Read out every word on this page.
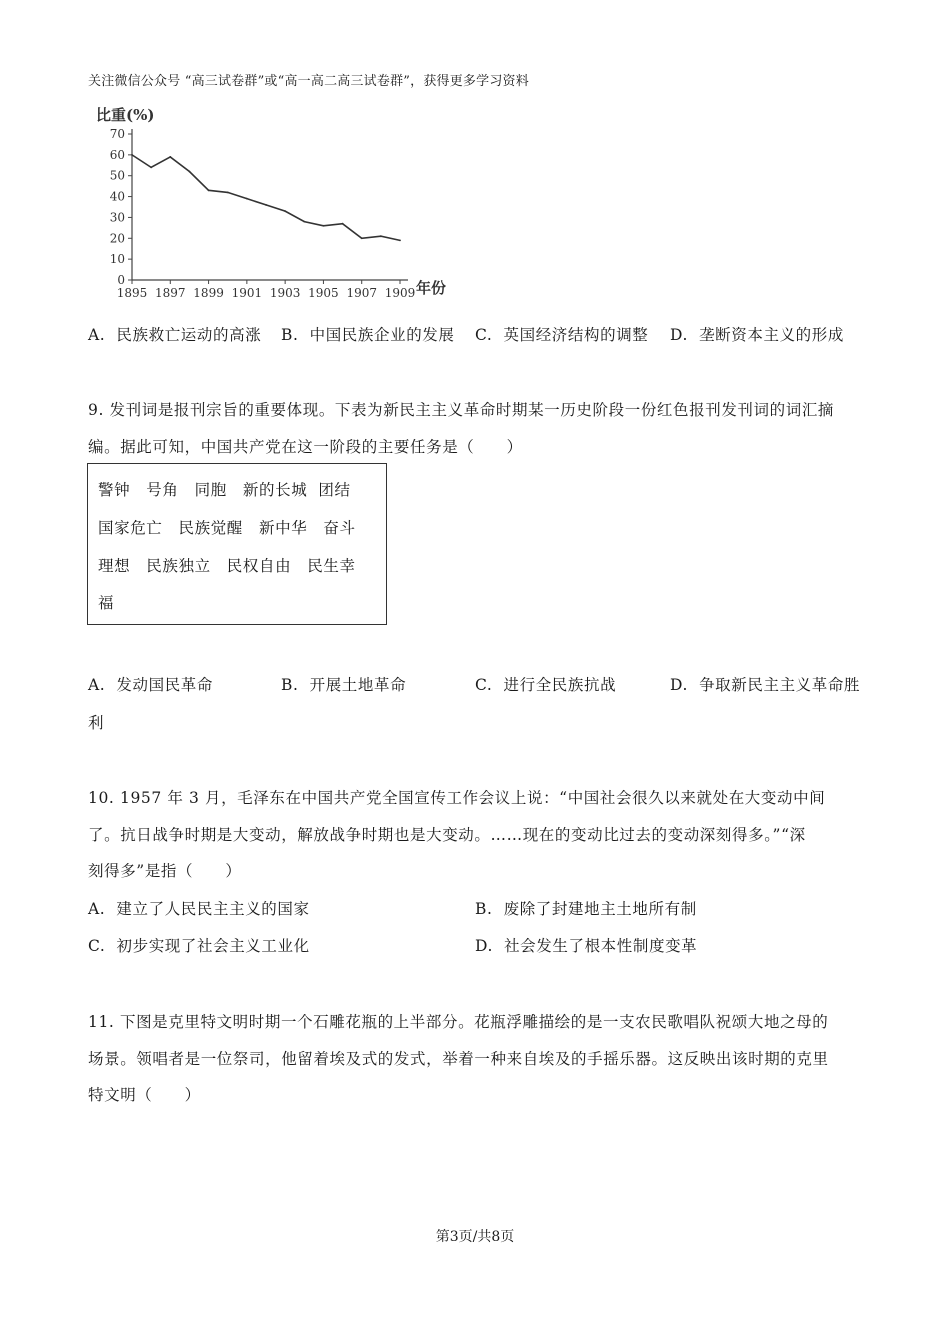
关注微信公众号 “高三试卷群”或“高一高二高三试卷群”，获得更多学习资料
比重(%)
0
10
20
30
40
50
60
70
1895 1897 1899 1901 1903 1905 1907 1909 年份
A. 民族救亡运动的高涨 B. 中国民族企业的发展 C. 英国经济结构的调整 D. 垄断资本主义的形成
9. 发刊词是报刊宗旨的重要体现。下表为新民主主义革命时期某一历史阶段一份红色报刊发刊词的词汇摘
编。据此可知，中国共产党在这一阶段的主要任务是（　　）
警钟　号角　同胞　新的长城  团结
国家危亡　民族觉醒　新中华　奋斗
理想　民族独立　民权自由　民生幸
福
A. 发动国民革命	B. 开展土地革命	C. 进行全民族抗战	D. 争取新民主主义革命胜
利
10. 1957 年 3 月，毛泽东在中国共产党全国宣传工作会议上说：“中国社会很久以来就处在大变动中间
了。抗日战争时期是大变动，解放战争时期也是大变动。……现在的变动比过去的变动深刻得多。”“深
刻得多”是指（　　）
A. 建立了人民民主主义的国家	B. 废除了封建地主土地所有制
C. 初步实现了社会主义工业化	D. 社会发生了根本性制度变革
11. 下图是克里特文明时期一个石雕花瓶的上半部分。花瓶浮雕描绘的是一支农民歌唱队祝颂大地之母的
场景。领唱者是一位祭司，他留着埃及式的发式，举着一种来自埃及的手摇乐器。这反映出该时期的克里
特文明（　　）
第3页/共8页
